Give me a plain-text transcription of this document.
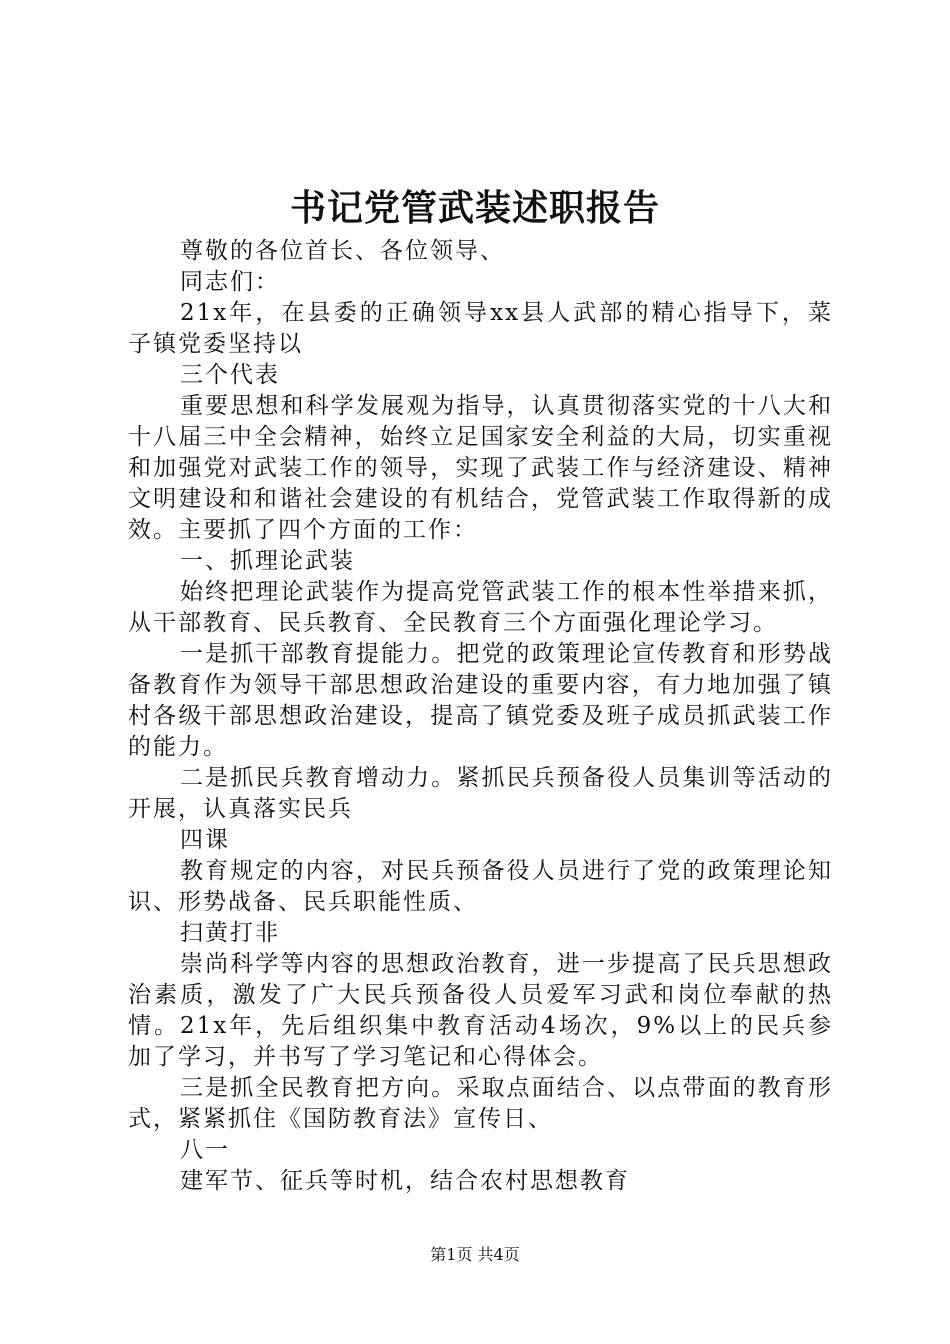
书记党管武装述职报告

尊敬的各位首长、各位领导、

同志们：

21x年，在县委的正确领导xx县人武部的精心指导下，菜子镇党委坚持以

三个代表

重要思想和科学发展观为指导，认真贯彻落实党的十八大和十八届三中全会精神，始终立足国家安全利益的大局，切实重视和加强党对武装工作的领导，实现了武装工作与经济建设、精神文明建设和和谐社会建设的有机结合，党管武装工作取得新的成效。主要抓了四个方面的工作：

一、抓理论武装

始终把理论武装作为提高党管武装工作的根本性举措来抓，从干部教育、民兵教育、全民教育三个方面强化理论学习。

一是抓干部教育提能力。把党的政策理论宣传教育和形势战备教育作为领导干部思想政治建设的重要内容，有力地加强了镇村各级干部思想政治建设，提高了镇党委及班子成员抓武装工作的能力。

二是抓民兵教育增动力。紧抓民兵预备役人员集训等活动的开展，认真落实民兵

四课

教育规定的内容，对民兵预备役人员进行了党的政策理论知识、形势战备、民兵职能性质、

扫黄打非

崇尚科学等内容的思想政治教育，进一步提高了民兵思想政治素质，激发了广大民兵预备役人员爱军习武和岗位奉献的热情。21x年，先后组织集中教育活动4场次，9%以上的民兵参加了学习，并书写了学习笔记和心得体会。

三是抓全民教育把方向。采取点面结合、以点带面的教育形式，紧紧抓住《国防教育法》宣传日、

八一

建军节、征兵等时机，结合农村思想教育

第1页 共4页
